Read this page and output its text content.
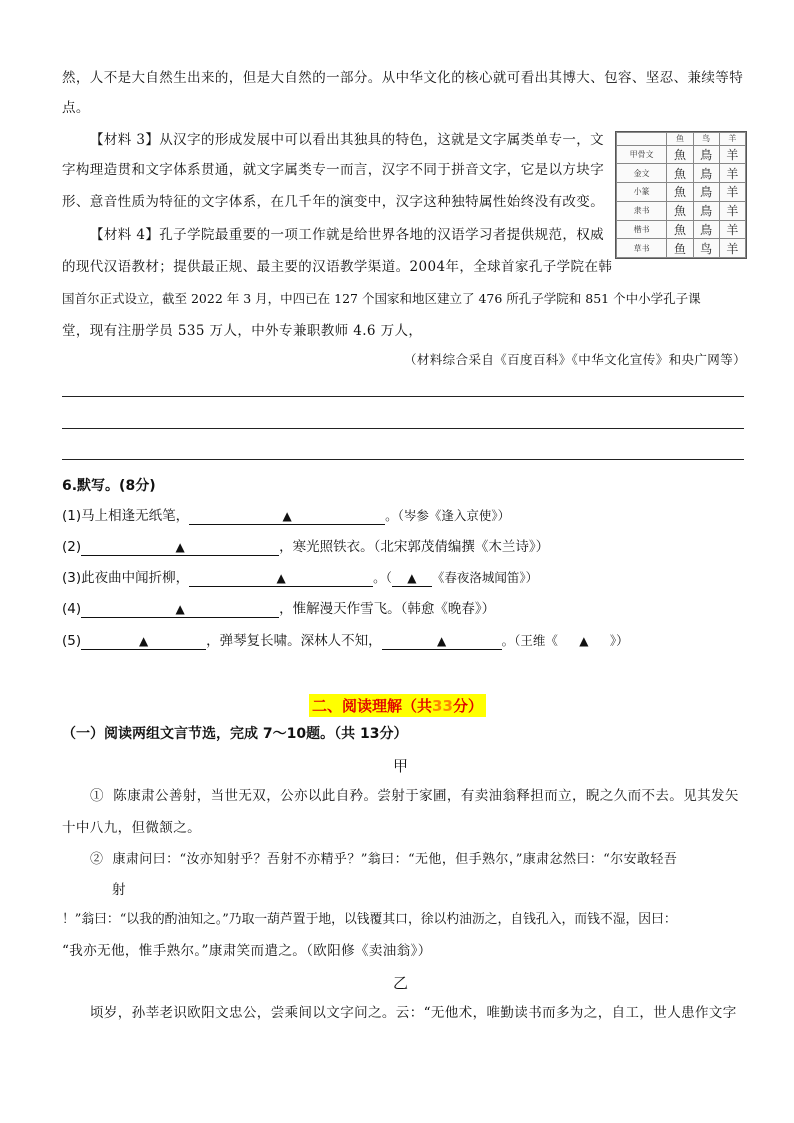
然，人不是大自然生出来的，但是大自然的一部分。从中华文化的核心就可看出其博大、包容、坚忍、兼续等特
点。
【材料 3】从汉字的形成发展中可以看出其独具的特色，这就是文字属类单专一，文
字构理造贯和文字体系贯通，就文字属类专一而言，汉字不同于拼音文字，它是以方块字
形、意音性质为特征的文字体系，在几千年的演变中，汉字这种独特属性始终没有改变。
	鱼	鸟	羊
甲骨文	魚	鳥	羊
金文	魚	鳥	羊
小篆	魚	鳥	羊
隶书	魚	鳥	羊
楷书	魚	鳥	羊
草书	鱼	鸟	羊
【材料 4】孔子学院最重要的一项工作就是给世界各地的汉语学习者提供规范，权威
的现代汉语教材；提供最正规、最主要的汉语教学渠道。2004年，全球首家孔子学院在韩
国首尔正式设立，截至 2022 年 3 月，中四已在 127 个国家和地区建立了 476 所孔子学院和 851 个中小学孔子课
堂，现有注册学员 535 万人，中外专兼职教师 4.6 万人，
（材料综合采自《百度百科》《中华文化宣传》和央广网等）
6.默写。(8分)
(1)马上相逢无纸笔，	▲	。（岑参《逢入京使》）
(2)	▲	，寒光照铁衣。（北宋郭茂倩编撰《木兰诗》）
(3)此夜曲中闻折柳，	▲	。（ ▲ 《春夜洛城闻笛》）
(4)	▲	，惟解漫天作雪飞。（韩愈《晚春》）
(5)	▲	，弹琴复长啸。深林人不知，	▲	。（王维《 ▲ 》）
二、阅读理解（共33分）
（一）阅读两组文言节选，完成 7～10题。（共 13分）
甲
① 陈康肃公善射，当世无双，公亦以此自矜。尝射于家圃，有卖油翁释担而立，睨之久而不去。见其发矢
十中八九，但微颔之。
② 康肃问曰：“汝亦知射乎？吾射不亦精乎？”翁曰：“无他，但手熟尔，”康肃忿然曰：“尔安敢轻吾
射
！”翁曰：“以我的酌油知之。”乃取一葫芦置于地，以钱覆其口，徐以杓油沥之，自钱孔入，而钱不湿，因曰：
“我亦无他，惟手熟尔。”康肃笑而遣之。（欧阳修《卖油翁》）
乙
顷岁，孙莘老识欧阳文忠公，尝乘间以文字问之。云：“无他术，唯勤读书而多为之，自工，世人患作文字
